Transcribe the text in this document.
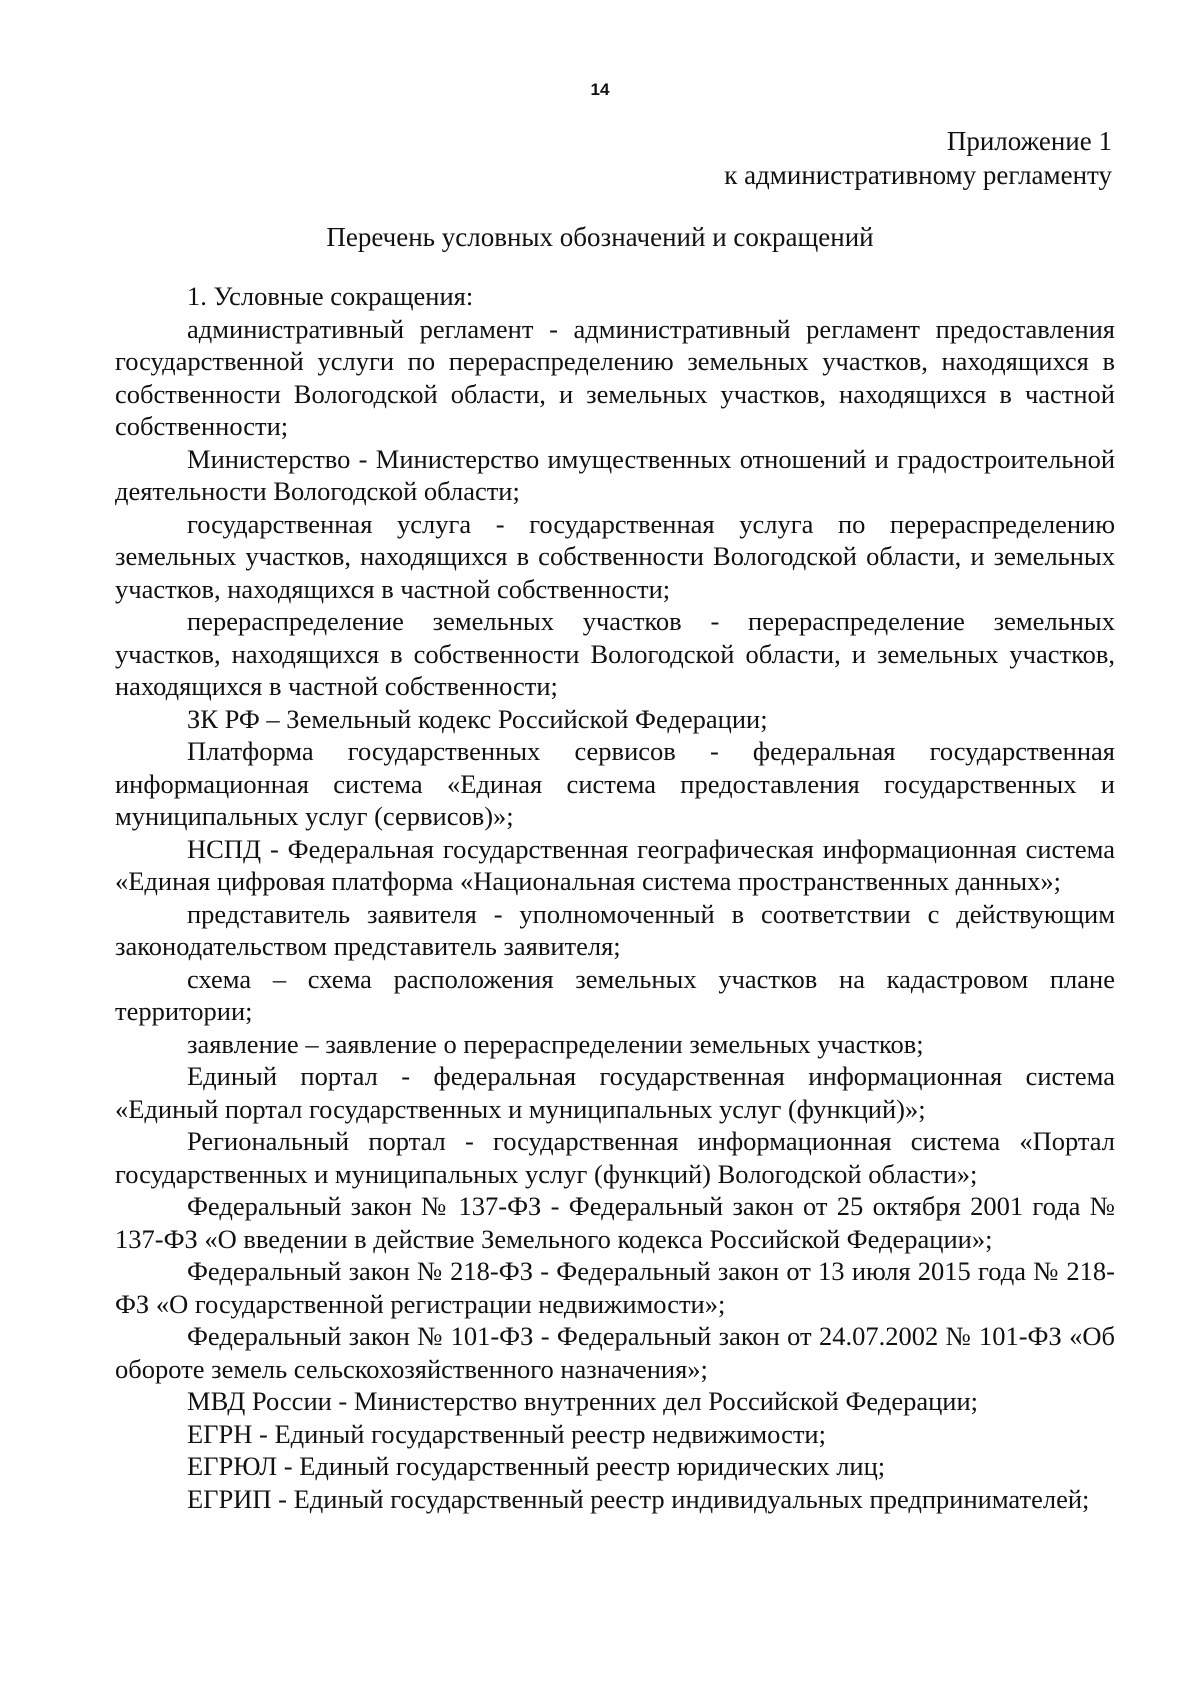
14
Приложение 1
к административному регламенту
Перечень условных обозначений и сокращений

1. Условные сокращения:

административный регламент - административный регламент предоставления государственной услуги по перераспределению земельных участков, находящихся в собственности Вологодской области, и земельных участков, находящихся в частной собственности;

Министерство - Министерство имущественных отношений и градостроительной деятельности Вологодской области;

государственная услуга - государственная услуга по перераспределению земельных участков, находящихся в собственности Вологодской области, и земельных участков, находящихся в частной собственности;

перераспределение земельных участков - перераспределение земельных участков, находящихся в собственности Вологодской области, и земельных участков, находящихся в частной собственности;

ЗК РФ – Земельный кодекс Российской Федерации;

Платформа государственных сервисов - федеральная государственная информационная система «Единая система предоставления государственных и муниципальных услуг (сервисов)»;

НСПД - Федеральная государственная географическая информационная система «Единая цифровая платформа «Национальная система пространственных данных»;

представитель заявителя - уполномоченный в соответствии с действующим законодательством представитель заявителя;

схема – схема расположения земельных участков на кадастровом плане территории;

заявление – заявление о перераспределении земельных участков;

Единый портал - федеральная государственная информационная система «Единый портал государственных и муниципальных услуг (функций)»;

Региональный портал - государственная информационная система «Портал государственных и муниципальных услуг (функций) Вологодской области»;

Федеральный закон № 137-ФЗ - Федеральный закон от 25 октября 2001 года № 137-ФЗ «О введении в действие Земельного кодекса Российской Федерации»;

Федеральный закон № 218-ФЗ - Федеральный закон от 13 июля 2015 года № 218-ФЗ «О государственной регистрации недвижимости»;

Федеральный закон № 101-ФЗ - Федеральный закон от 24.07.2002 № 101-ФЗ «Об обороте земель сельскохозяйственного назначения»;

МВД России - Министерство внутренних дел Российской Федерации;

ЕГРН - Единый государственный реестр недвижимости;

ЕГРЮЛ - Единый государственный реестр юридических лиц;

ЕГРИП - Единый государственный реестр индивидуальных предпринимателей;
